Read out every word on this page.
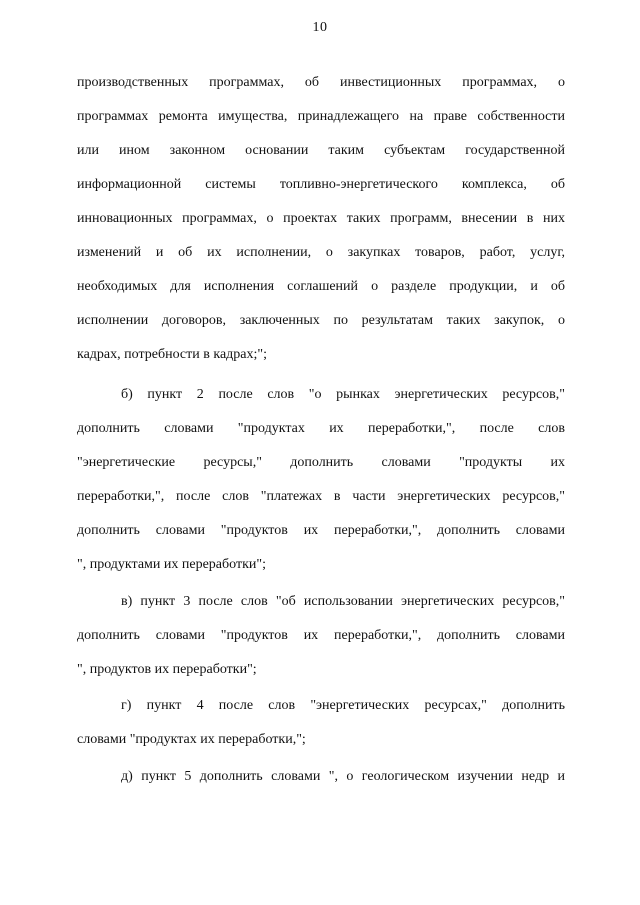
10
производственных программах, об инвестиционных программах, о
программах ремонта имущества, принадлежащего на праве собственности
или ином законном основании таким субъектам государственной
информационной системы топливно-энергетического комплекса, об
инновационных программах, о проектах таких программ, внесении в них
изменений и об их исполнении, о закупках товаров, работ, услуг,
необходимых для исполнения соглашений о разделе продукции, и об
исполнении договоров, заключенных по результатам таких закупок, о
кадрах, потребности в кадрах;";
б) пункт 2 после слов "о рынках энергетических ресурсов,"
дополнить словами "продуктах их переработки,", после слов
"энергетические ресурсы," дополнить словами "продукты их
переработки,", после слов "платежах в части энергетических ресурсов,"
дополнить словами "продуктов их переработки,", дополнить словами
", продуктами их переработки";
в) пункт 3 после слов "об использовании энергетических ресурсов,"
дополнить словами "продуктов их переработки,", дополнить словами
", продуктов их переработки";
г) пункт 4 после слов "энергетических ресурсах," дополнить
словами "продуктах их переработки,";
д) пункт 5 дополнить словами ", о геологическом изучении недр и
